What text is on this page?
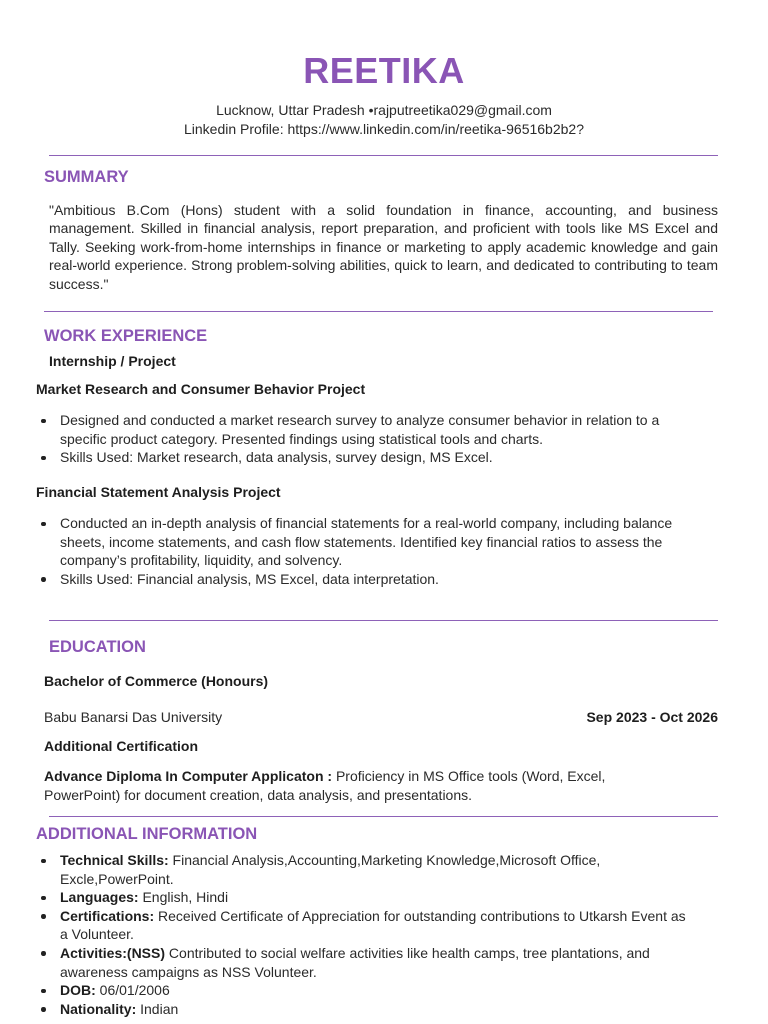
REETIKA
Lucknow, Uttar Pradesh •rajputreetika029@gmail.com
Linkedin Profile: https://www.linkedin.com/in/reetika-96516b2b2?
SUMMARY
"Ambitious B.Com (Hons) student with a solid foundation in finance, accounting, and business management. Skilled in financial analysis, report preparation, and proficient with tools like MS Excel and Tally. Seeking work-from-home internships in finance or marketing to apply academic knowledge and gain real-world experience. Strong problem-solving abilities, quick to learn, and dedicated to contributing to team success."
WORK EXPERIENCE
Internship / Project
Market Research and Consumer Behavior Project
Designed and conducted a market research survey to analyze consumer behavior in relation to a specific product category. Presented findings using statistical tools and charts.
Skills Used: Market research, data analysis, survey design, MS Excel.
Financial Statement Analysis Project
Conducted an in-depth analysis of financial statements for a real-world company, including balance sheets, income statements, and cash flow statements. Identified key financial ratios to assess the company’s profitability, liquidity, and solvency.
Skills Used: Financial analysis, MS Excel, data interpretation.
EDUCATION
Bachelor of Commerce (Honours)
Babu Banarsi Das University	Sep 2023 - Oct 2026
Additional Certification
Advance Diploma In Computer Applicaton : Proficiency in MS Office tools (Word, Excel, PowerPoint) for document creation, data analysis, and presentations.
ADDITIONAL INFORMATION
Technical Skills: Financial Analysis,Accounting,Marketing Knowledge,Microsoft Office, Excle,PowerPoint.
Languages: English, Hindi
Certifications: Received Certificate of Appreciation for outstanding contributions to Utkarsh Event as a Volunteer.
Activities:(NSS) Contributed to social welfare activities like health camps, tree plantations, and awareness campaigns as NSS Volunteer.
DOB: 06/01/2006
Nationality: Indian
